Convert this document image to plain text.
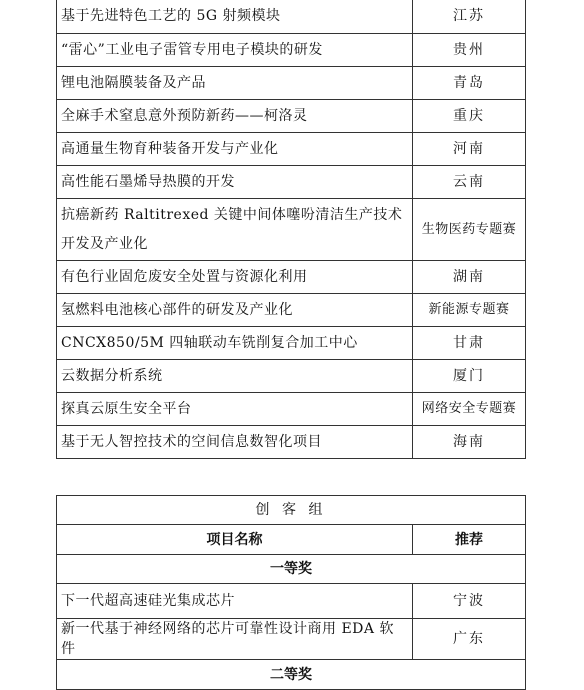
基于先进特色工艺的 5G 射频模块	江苏
“雷心”工业电子雷管专用电子模块的研发	贵州
锂电池隔膜装备及产品	青岛
全麻手术窒息意外预防新药——柯洛灵	重庆
高通量生物育种装备开发与产业化	河南
高性能石墨烯导热膜的开发	云南
抗癌新药 Raltitrexed 关键中间体噻吩清洁生产技术开发及产业化	生物医药专题赛
有色行业固危废安全处置与资源化利用	湖南
氢燃料电池核心部件的研发及产业化	新能源专题赛
CNCX850/5M 四轴联动车铣削复合加工中心	甘肃
云数据分析系统	厦门
探真云原生安全平台	网络安全专题赛
基于无人智控技术的空间信息数智化项目	海南
创 客 组	
项目名称	推荐
一等奖	
下一代超高速硅光集成芯片	宁波
新一代基于神经网络的芯片可靠性设计商用 EDA 软件	广东
二等奖	
